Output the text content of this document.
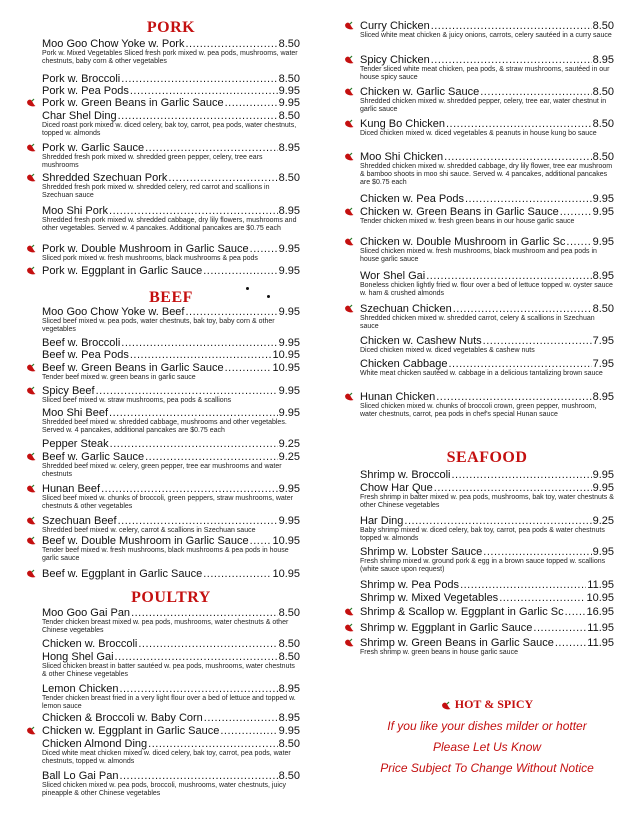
PORK
Moo Goo Chow Yoke w. Pork .....	8.50
Pork w. Mixed Vegetables Sliced fresh pork mixed w. pea pods, mushrooms, water chestnuts, baby corn & other vegetables
Pork w. Broccoli .....	8.50
Pork w. Pea Pods .....	9.95
Pork w. Green Beans in Garlic Sauce .....	9.95
Char Shel Ding .....	8.50
Diced roast pork mixed w. diced celery, bak toy, carrot, pea pods, water chestnuts, topped w. almonds
Pork w. Garlic Sauce .....	8.95
Shredded fresh pork mixed w. shredded green pepper, celery, tree ears mushrooms
Shredded Szechuan Pork .....	8.50
Shredded fresh pork mixed w. shredded celery, red carrot and scallions in Szechuan sauce
Moo Shi Pork .....	8.95
Shredded fresh pork mixed w. shredded cabbage, dry lily flowers, mushrooms and other vegetables. Served w. 4 pancakes. Additional pancakes are $0.75 each
Pork w. Double Mushroom in Garlic Sauce .....	9.95
Sliced pork mixed w. fresh mushrooms, black mushrooms & pea pods
Pork w. Eggplant in Garlic Sauce .....	9.95
BEEF
Moo Goo Chow Yoke w. Beef .....	9.95
Sliced beef mixed w. pea pods, water chestnuts, bak toy, baby corn & other vegetables
Beef w. Broccoli .....	9.95
Beef w. Pea Pods .....	10.95
Beef w. Green Beans in Garlic Sauce .....	10.95
Tender beef mixed w. green beans in garlic sauce
Spicy Beef .....	9.95
Sliced beef mixed w. straw mushrooms, pea pods & scallions
Moo Shi Beef .....	9.95
Shredded beef mixed w. shredded cabbage, mushrooms and other vegetables. Served w. 4 pancakes, additional pancakes are $0.75 each
Pepper Steak .....	9.25
Beef w. Garlic Sauce .....	9.25
Shredded beef mixed w. celery, green pepper, tree ear mushrooms and water chestnuts
Hunan Beef .....	9.95
Sliced beef mixed w. chunks of broccoli, green peppers, straw mushrooms, water chestnuts & other vegetables
Szechuan Beef .....	9.95
Shredded beef mixed w. celery, carrot & scallions in Szechuan sauce
Beef w. Double Mushroom in Garlic Sauce ..... 10.95
Tender beef mixed w. fresh mushrooms, black mushrooms & pea pods in house garlic sauce
Beef w. Eggplant in Garlic Sauce .....	10.95
POULTRY
Moo Goo Gai Pan .....	8.50
Tender chicken breast mixed w. pea pods, mushrooms, water chestnuts & other Chinese vegetables
Chicken w. Broccoli .....	8.50
Hong Shel Gai .....	8.50
Sliced chicken breast in batter sautéed w. pea pods, mushrooms, water chestnuts & other Chinese vegetables
Lemon Chicken .....	8.95
Tender chicken breast fried in a very light flour over a bed of lettuce and topped w. lemon sauce
Chicken & Broccoli w. Baby Corn .....	8.95
Chicken w. Eggplant in Garlic Sauce .....	9.95
Chicken Almond Ding .....	8.50
Diced white meat chicken mixed w. diced celery, bak toy, carrot, pea pods, water chestnuts, topped w. almonds
Ball Lo Gai Pan .....	8.50
Sliced chicken mixed w. pea pods, broccoli, mushrooms, water chestnuts, juicy pineapple & other Chinese vegetables
Curry Chicken .....	8.50
Sliced white meat chicken & juicy onions, carrots, celery sautéed in a curry sauce
Spicy Chicken .....	8.95
Tender sliced white meat chicken, pea pods, & straw mushrooms, sautéed in our house spicy sauce
Chicken w. Garlic Sauce .....	8.50
Shredded chicken mixed w. shredded pepper, celery, tree ear, water chestnut in garlic sauce
Kung Bo Chicken .....	8.50
Diced chicken mixed w. diced vegetables & peanuts in house kung bo sauce
Moo Shi Chicken .....	8.50
Shredded chicken mixed w. shredded cabbage, dry lily flower, tree ear mushroom & bamboo shoots in moo shi sauce. Served w. 4 pancakes, additional pancakes are $0.75 each
Chicken w. Pea Pods .....	9.95
Chicken w. Green Beans in Garlic Sauce .....	9.95
Tender chicken mixed w. fresh green beans in our house garlic sauce
Chicken w. Double Mushroom in Garlic Sc ..... 9.95
Sliced chicken mixed w. fresh mushrooms, black mushroom and pea pods in house garlic sauce
Wor Shel Gai .....	8.95
Boneless chicken lightly fried w. flour over a bed of lettuce topped w. oyster sauce w. ham & crushed almonds
Szechuan Chicken .....	8.50
Shredded chicken mixed w. shredded carrot, celery & scallions in Szechuan sauce
Chicken w. Cashew Nuts .....	7.95
Diced chicken mixed w. diced vegetables & cashew nuts
Chicken Cabbage .....	7.95
White meat chicken sautéed w. cabbage in a delicious tantalizing brown sauce
Hunan Chicken .....	8.95
Sliced chicken mixed w. chunks of broccoli crown, green pepper, mushroom, water chestnuts, carrot, pea pods in chef's special Hunan sauce
SEAFOOD
Shrimp w. Broccoli .....	9.95
Chow Har Que .....	9.95
Fresh shrimp in batter mixed w. pea pods, mushrooms, bak toy, water chestnuts & other Chinese vegetables
Har Ding .....	9.25
Baby shrimp mixed w. diced celery, bak toy, carrot, pea pods & water chestnuts topped w. almonds
Shrimp w. Lobster Sauce .....	9.95
Fresh shrimp mixed w. ground pork & egg in a brown sauce topped w. scallions (white sauce upon request)
Shrimp w. Pea Pods .....	11.95
Shrimp w. Mixed Vegetables .....	10.95
Shrimp & Scallop w. Eggplant in Garlic Sc ..... 16.95
Shrimp w. Eggplant in Garlic Sauce .....	11.95
Shrimp w. Green Beans in Garlic Sauce .....	11.95
Fresh shrimp w. green beans in house garlic sauce
HOT & SPICY
If you like your dishes milder or hotter
Please Let Us Know
Price Subject To Change Without Notice
